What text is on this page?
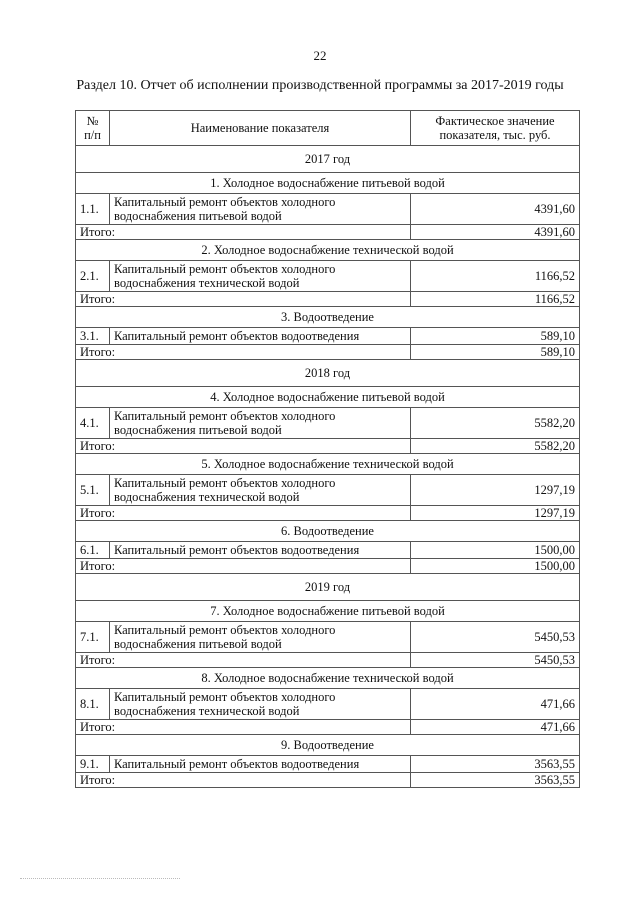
22
Раздел 10. Отчет об исполнении производственной программы за 2017-2019 годы
№ п/п	Наименование показателя	Фактическое значение показателя, тыс. руб.
2017 год		
1. Холодное водоснабжение питьевой водой		
1.1.	Капитальный ремонт объектов холодного водоснабжения питьевой водой	4391,60
Итого:		4391,60
2. Холодное водоснабжение технической водой		
2.1.	Капитальный ремонт объектов холодного водоснабжения технической водой	1166,52
Итого:		1166,52
3. Водоотведение		
3.1.	Капитальный ремонт объектов водоотведения	589,10
Итого:		589,10
2018 год		
4. Холодное водоснабжение питьевой водой		
4.1.	Капитальный ремонт объектов холодного водоснабжения питьевой водой	5582,20
Итого:		5582,20
5. Холодное водоснабжение технической водой		
5.1.	Капитальный ремонт объектов холодного водоснабжения технической водой	1297,19
Итого:		1297,19
6. Водоотведение		
6.1.	Капитальный ремонт объектов водоотведения	1500,00
Итого:		1500,00
2019 год		
7. Холодное водоснабжение питьевой водой		
7.1.	Капитальный ремонт объектов холодного водоснабжения питьевой водой	5450,53
Итого:		5450,53
8. Холодное водоснабжение технической водой		
8.1.	Капитальный ремонт объектов холодного водоснабжения технической водой	471,66
Итого:		471,66
9. Водоотведение		
9.1.	Капитальный ремонт объектов водоотведения	3563,55
Итого:		3563,55
